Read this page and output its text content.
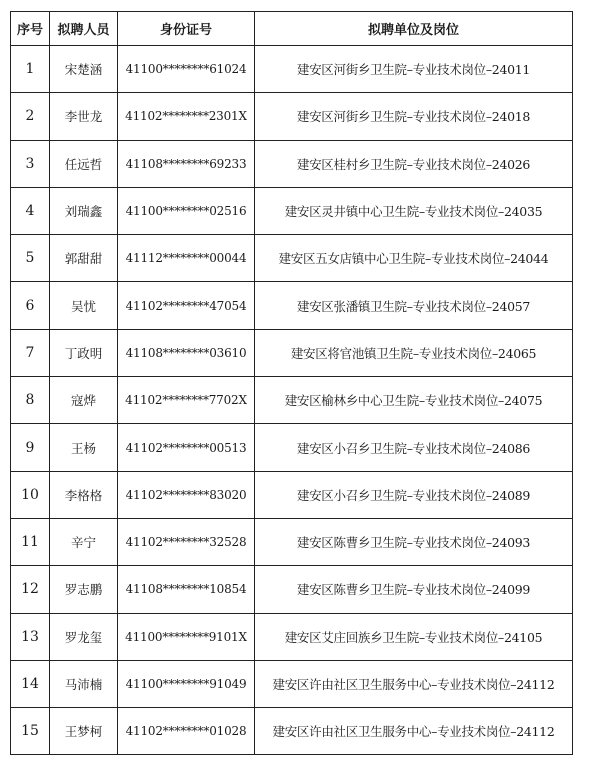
序号	拟聘人员	身份证号	拟聘单位及岗位
1	宋楚涵	41100********61024	建安区河街乡卫生院–专业技术岗位–24011
2	李世龙	41102********2301X	建安区河街乡卫生院–专业技术岗位–24018
3	任远哲	41108********69233	建安区桂村乡卫生院–专业技术岗位–24026
4	刘瑞鑫	41100********02516	建安区灵井镇中心卫生院–专业技术岗位–24035
5	郭甜甜	41112********00044	建安区五女店镇中心卫生院–专业技术岗位–24044
6	吴忧	41102********47054	建安区张潘镇卫生院–专业技术岗位–24057
7	丁政明	41108********03610	建安区将官池镇卫生院–专业技术岗位–24065
8	寇烨	41102********7702X	建安区榆林乡中心卫生院–专业技术岗位–24075
9	王杨	41102********00513	建安区小召乡卫生院–专业技术岗位–24086
10	李格格	41102********83020	建安区小召乡卫生院–专业技术岗位–24089
11	辛宁	41102********32528	建安区陈曹乡卫生院–专业技术岗位–24093
12	罗志鹏	41108********10854	建安区陈曹乡卫生院–专业技术岗位–24099
13	罗龙玺	41100********9101X	建安区艾庄回族乡卫生院–专业技术岗位–24105
14	马沛楠	41100********91049	建安区许由社区卫生服务中心–专业技术岗位–24112
15	王梦柯	41102********01028	建安区许由社区卫生服务中心–专业技术岗位–24112
